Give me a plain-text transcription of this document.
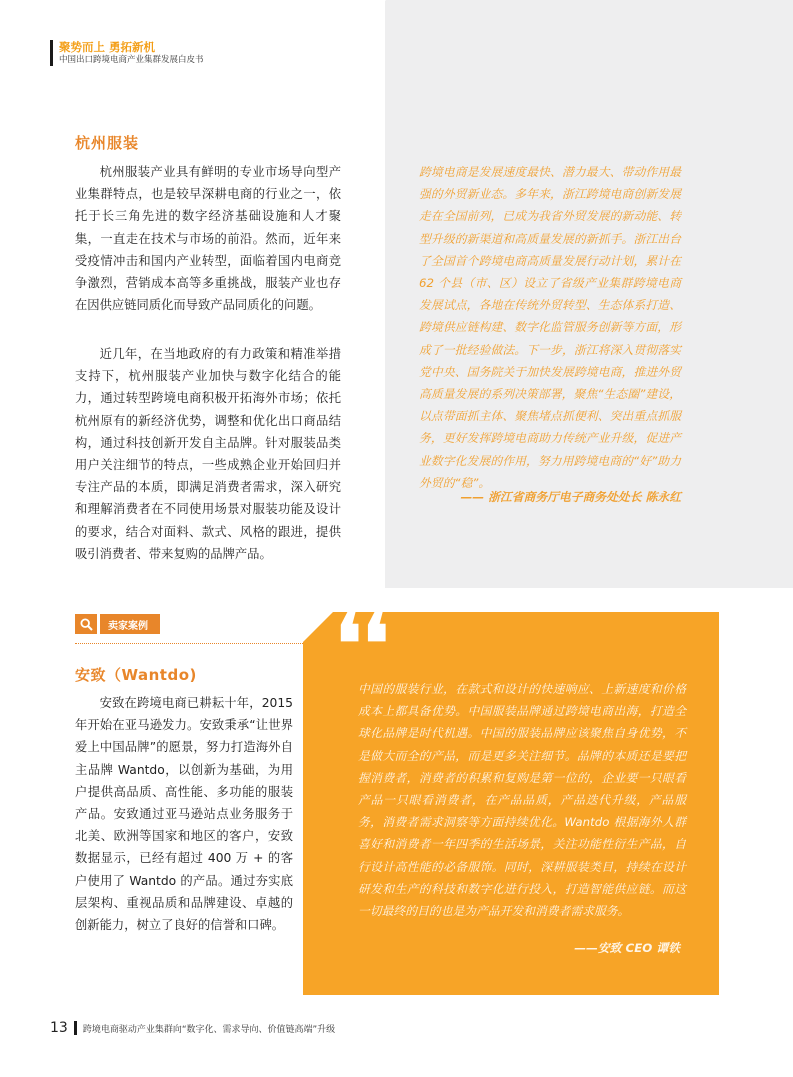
聚势而上 勇拓新机
中国出口跨境电商产业集群发展白皮书
杭州服装

杭州服装产业具有鲜明的专业市场导向型产业集群特点，也是较早深耕电商的行业之一，依托于长三角先进的数字经济基础设施和人才聚集，一直走在技术与市场的前沿。然而，近年来受疫情冲击和国内产业转型，面临着国内电商竞争激烈，营销成本高等多重挑战，服装产业也存在因供应链同质化而导致产品同质化的问题。

近几年，在当地政府的有力政策和精准举措支持下，杭州服装产业加快与数字化结合的能力，通过转型跨境电商积极开拓海外市场；依托杭州原有的新经济优势，调整和优化出口商品结构，通过科技创新开发自主品牌。针对服装品类用户关注细节的特点，一些成熟企业开始回归并专注产品的本质，即满足消费者需求，深入研究和理解消费者在不同使用场景对服装功能及设计的要求，结合对面料、款式、风格的跟进，提供吸引消费者、带来复购的品牌产品。

跨境电商是发展速度最快、潜力最大、带动作用最强的外贸新业态。多年来，浙江跨境电商创新发展走在全国前列，已成为我省外贸发展的新动能、转型升级的新渠道和高质量发展的新抓手。浙江出台了全国首个跨境电商高质量发展行动计划，累计在 62 个县（市、区）设立了省级产业集群跨境电商发展试点，各地在传统外贸转型、生态体系打造、跨境供应链构建、数字化监管服务创新等方面，形成了一批经验做法。下一步，浙江将深入贯彻落实党中央、国务院关于加快发展跨境电商，推进外贸高质量发展的系列决策部署，聚焦“生态圈”建设，以点带面抓主体、聚焦堵点抓便利、突出重点抓服务，更好发挥跨境电商助力传统产业升级，促进产业数字化发展的作用，努力用跨境电商的“好”助力外贸的“稳”。

—— 浙江省商务厅电子商务处处长 陈永红
卖家案例
安致（Wantdo)

安致在跨境电商已耕耘十年，2015 年开始在亚马逊发力。安致秉承“让世界爱上中国品牌”的愿景，努力打造海外自主品牌 Wantdo，以创新为基础，为用户提供高品质、高性能、多功能的服装产品。安致通过亚马逊站点业务服务于北美、欧洲等国家和地区的客户，安致数据显示，已经有超过 400 万 + 的客户使用了 Wantdo 的产品。通过夯实底层架构、重视品质和品牌建设、卓越的创新能力，树立了良好的信誉和口碑。

❛❛

中国的服装行业，在款式和设计的快速响应、上新速度和价格成本上都具备优势。中国服装品牌通过跨境电商出海，打造全球化品牌是时代机遇。中国的服装品牌应该聚焦自身优势，不是做大而全的产品，而是更多关注细节。品牌的本质还是要把握消费者，消费者的积累和复购是第一位的，企业要一只眼看产品一只眼看消费者，在产品品质，产品迭代升级，产品服务，消费者需求洞察等方面持续优化。Wantdo 根据海外人群喜好和消费者一年四季的生活场景，关注功能性衍生产品，自行设计高性能的必备服饰。同时，深耕服装类目，持续在设计研发和生产的科技和数字化进行投入，打造智能供应链。而这一切最终的目的也是为产品开发和消费者需求服务。

——安致 CEO 谭铁
13 跨境电商驱动产业集群向“数字化、需求导向、价值链高端”升级
